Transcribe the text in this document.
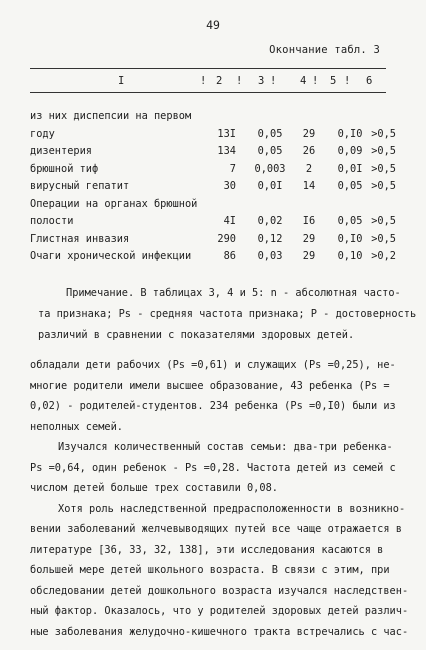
49
Окончание табл. 3
I	! 2 ! 3 ! 4 ! 5 ! 6
из них диспепсии на первом
году	13I	0,05	29	0,I0 >0,5
дизентерия	134	0,05	26	0,09 >0,5
брюшной тиф	7	0,003	2	0,0I >0,5
вирусный гепатит	30	0,0I	14	0,05 >0,5
Операции на органах брюшной
полости	4I	0,02	I6	0,05 >0,5
Глистная инвазия	290	0,12	29	0,I0 >0,5
Очаги хронической инфекции	86	0,03	29	0,10 >0,2

Примечание. В таблицах 3, 4 и 5: n - абсолютная часто-

та признака; Ps - средняя частота признака; P - достоверность

различий в сравнении с показателями здоровых детей.

обладали дети рабочих (Ps =0,61) и служащих (Ps =0,25), не-

многие родители имели высшее образование, 43 ребенка (Ps =

0,02) - родителей-студентов. 234 ребенка (Ps =0,I0) были из

неполных семей.

Изучался количественный состав семьи: два-три ребенка-

Ps =0,64, один ребенок - Ps =0,28. Частота детей из семей с

числом детей больше трех составили 0,08.

Хотя роль наследственной предрасположенности в возникно-

вении заболеваний желчевыводящих путей все чаще отражается в

литературе [36, 33, 32, 138], эти исследования касаются в

большей мере детей школьного возраста. В связи с этим, при

обследовании детей дошкольного возраста изучался наследствен-

ный фактор. Оказалось, что у родителей здоровых детей различ-

ные заболевания желудочно-кишечного тракта встречались с час-
